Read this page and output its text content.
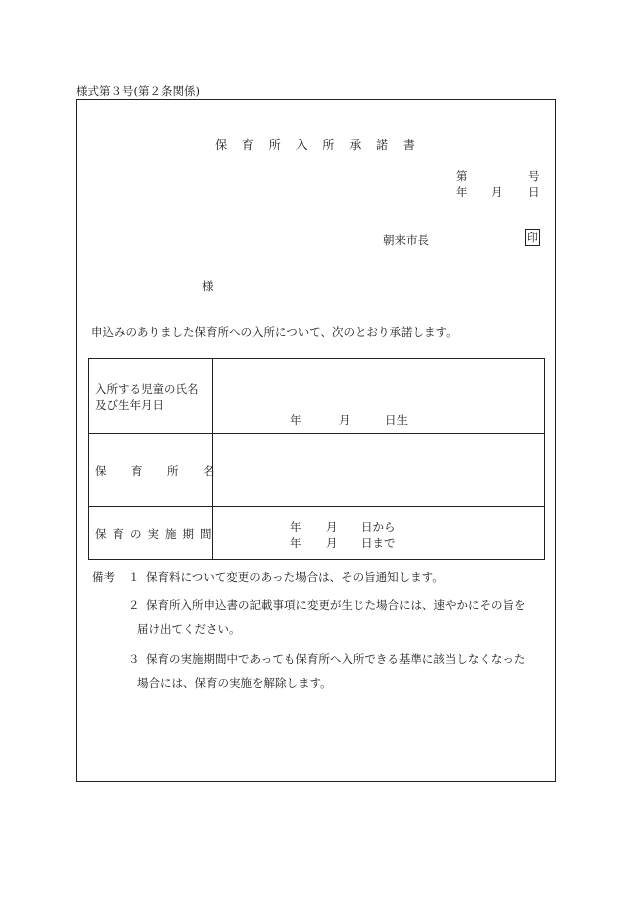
様式第３号(第２条関係)
保 育 所 入 所 承 諾 書
第	号
年 月 日
朝来市長	印
様
申込みのありました保育所への入所について、次のとおり承諾します。
入所する児童の氏名
及び生年月日
年	月	日生
保 育 所 名
保 育 の 実 施 期 間	年 月 日から
年 月 日まで
備考 １ 保育料について変更のあった場合は、その旨通知します。
２ 保育所入所申込書の記載事項に変更が生じた場合には、速やかにその旨を
届け出てください。
３ 保育の実施期間中であっても保育所へ入所できる基準に該当しなくなった
場合には、保育の実施を解除します。
